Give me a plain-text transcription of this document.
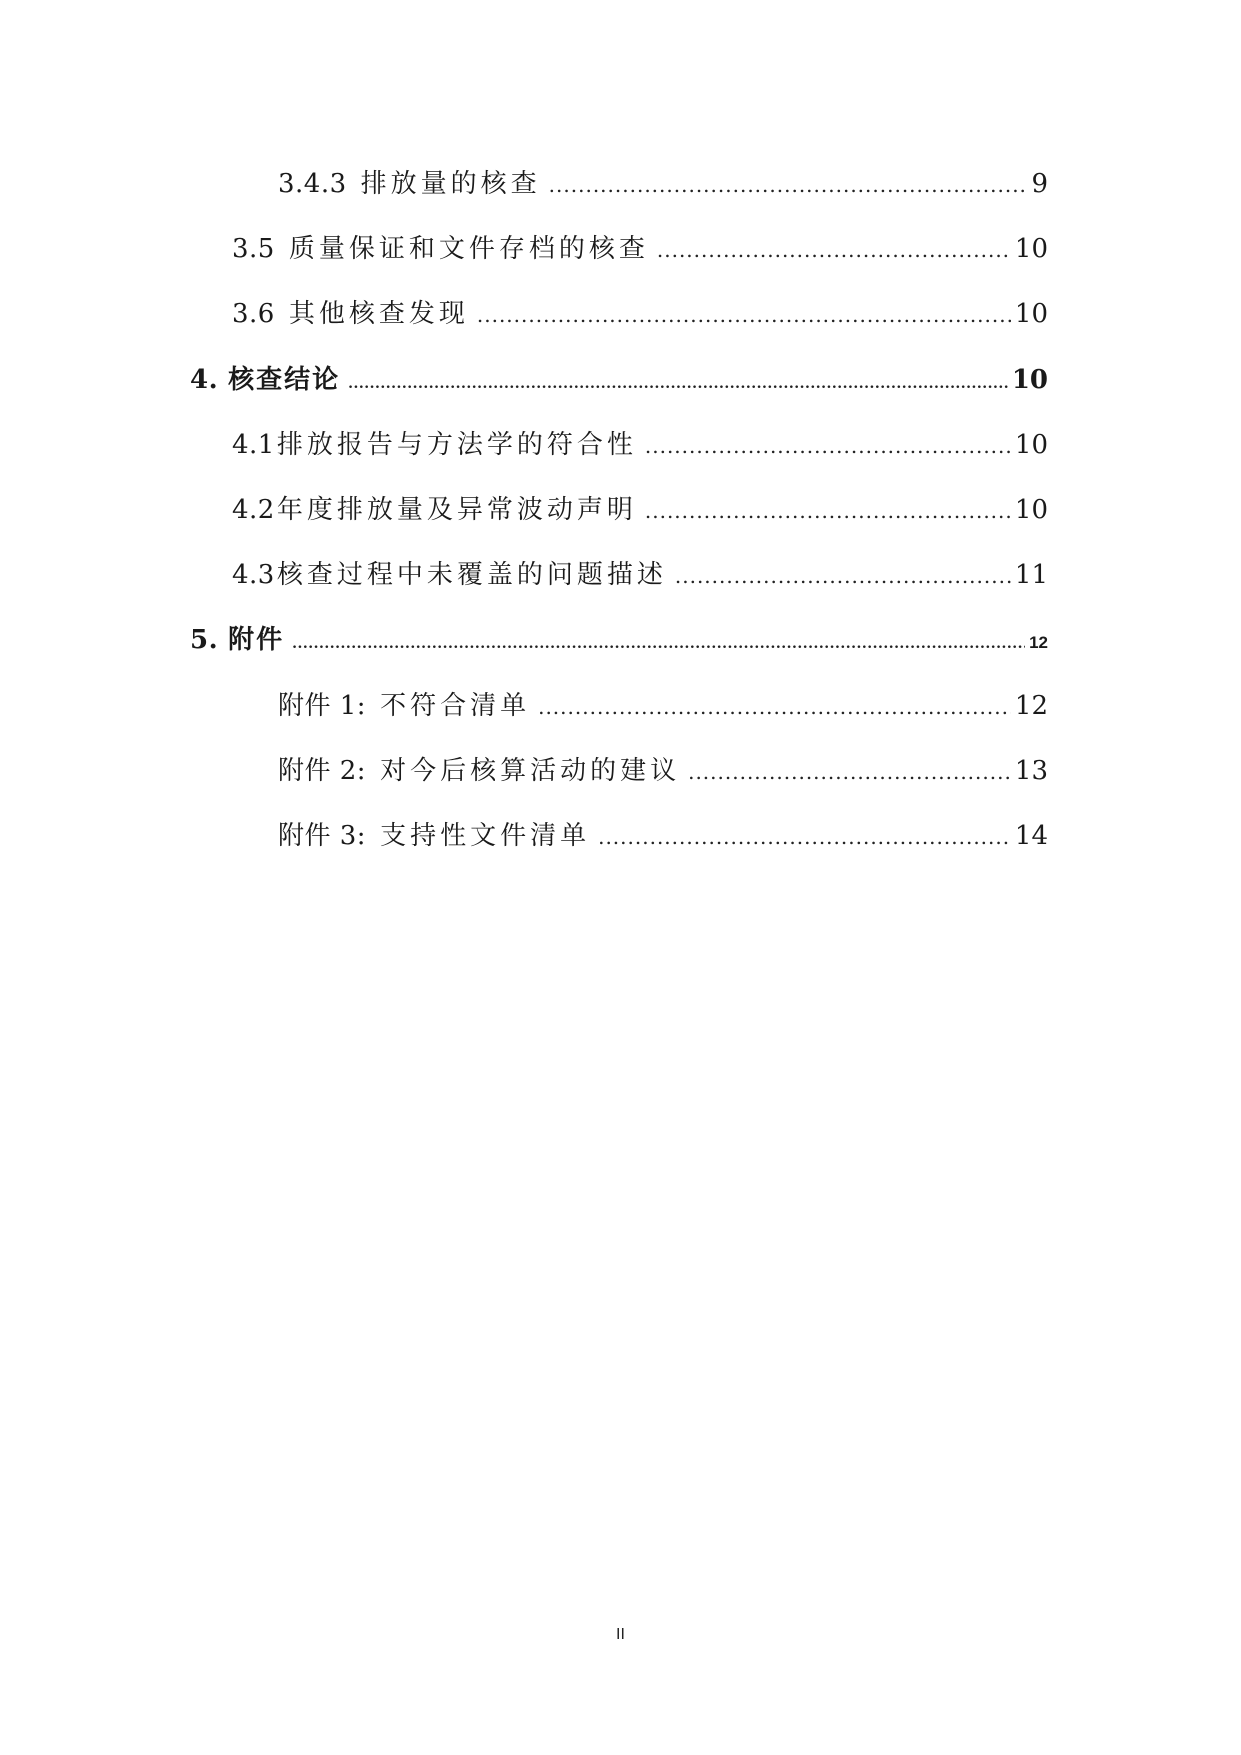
3.4.3 排放量的核查 .....	9
3.5 质量保证和文件存档的核查 .....	10
3.6 其他核查发现 .....	10
4. 核查结论 .....	10
4.1 排放报告与方法学的符合性 .....	10
4.2 年度排放量及异常波动声明 .....	10
4.3 核查过程中未覆盖的问题描述 .....	11
5. 附件 .....	12
附件 1: 不符合清单 .....	12
附件 2: 对今后核算活动的建议 .....	13
附件 3: 支持性文件清单 .....	14
II
